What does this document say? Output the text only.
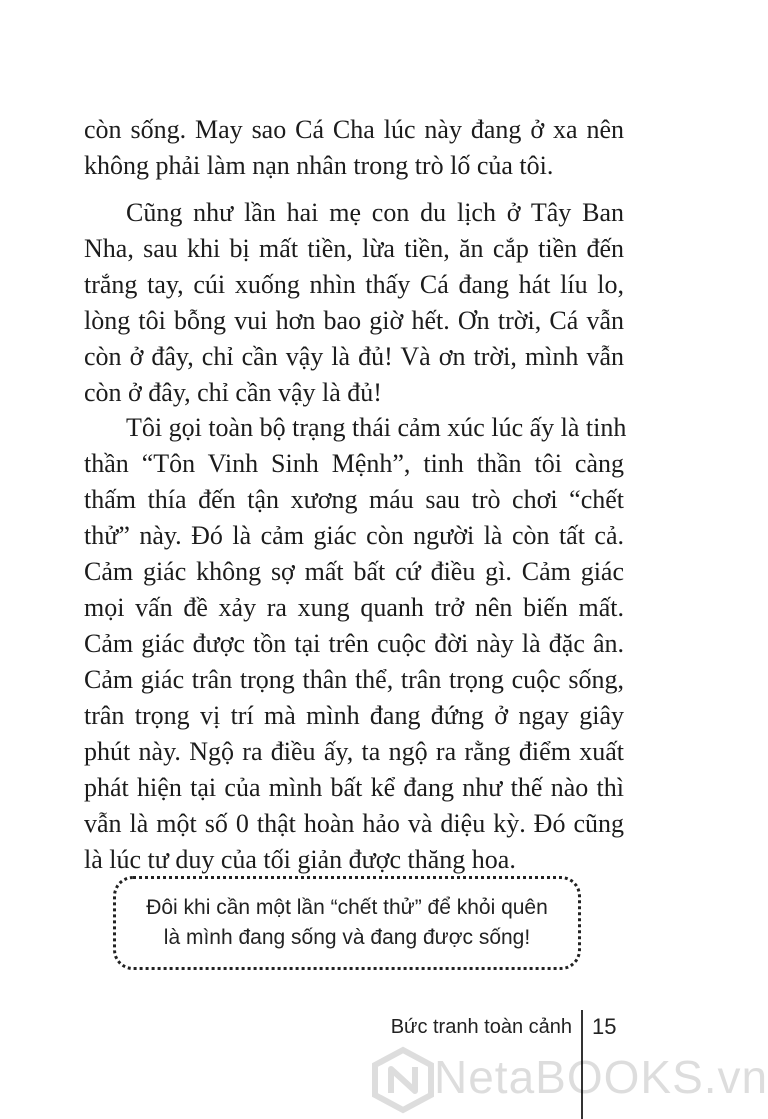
còn sống. May sao Cá Cha lúc này đang ở xa nên
không phải làm nạn nhân trong trò lố của tôi.
Cũng như lần hai mẹ con du lịch ở Tây Ban
Nha, sau khi bị mất tiền, lừa tiền, ăn cắp tiền đến
trắng tay, cúi xuống nhìn thấy Cá đang hát líu lo,
lòng tôi bỗng vui hơn bao giờ hết. Ơn trời, Cá vẫn
còn ở đây, chỉ cần vậy là đủ! Và ơn trời, mình vẫn
còn ở đây, chỉ cần vậy là đủ!
Tôi gọi toàn bộ trạng thái cảm xúc lúc ấy là tinh
thần “Tôn Vinh Sinh Mệnh”, tinh thần tôi càng
thấm thía đến tận xương máu sau trò chơi “chết
thử” này. Đó là cảm giác còn người là còn tất cả.
Cảm giác không sợ mất bất cứ điều gì. Cảm giác
mọi vấn đề xảy ra xung quanh trở nên biến mất.
Cảm giác được tồn tại trên cuộc đời này là đặc ân.
Cảm giác trân trọng thân thể, trân trọng cuộc sống,
trân trọng vị trí mà mình đang đứng ở ngay giây
phút này. Ngộ ra điều ấy, ta ngộ ra rằng điểm xuất
phát hiện tại của mình bất kể đang như thế nào thì
vẫn là một số 0 thật hoàn hảo và diệu kỳ. Đó cũng
là lúc tư duy của tối giản được thăng hoa.
Đôi khi cần một lần “chết thử” để khỏi quên
là mình đang sống và đang được sống!
Bức tranh toàn cảnh 15
NetaBOOKS.vn
